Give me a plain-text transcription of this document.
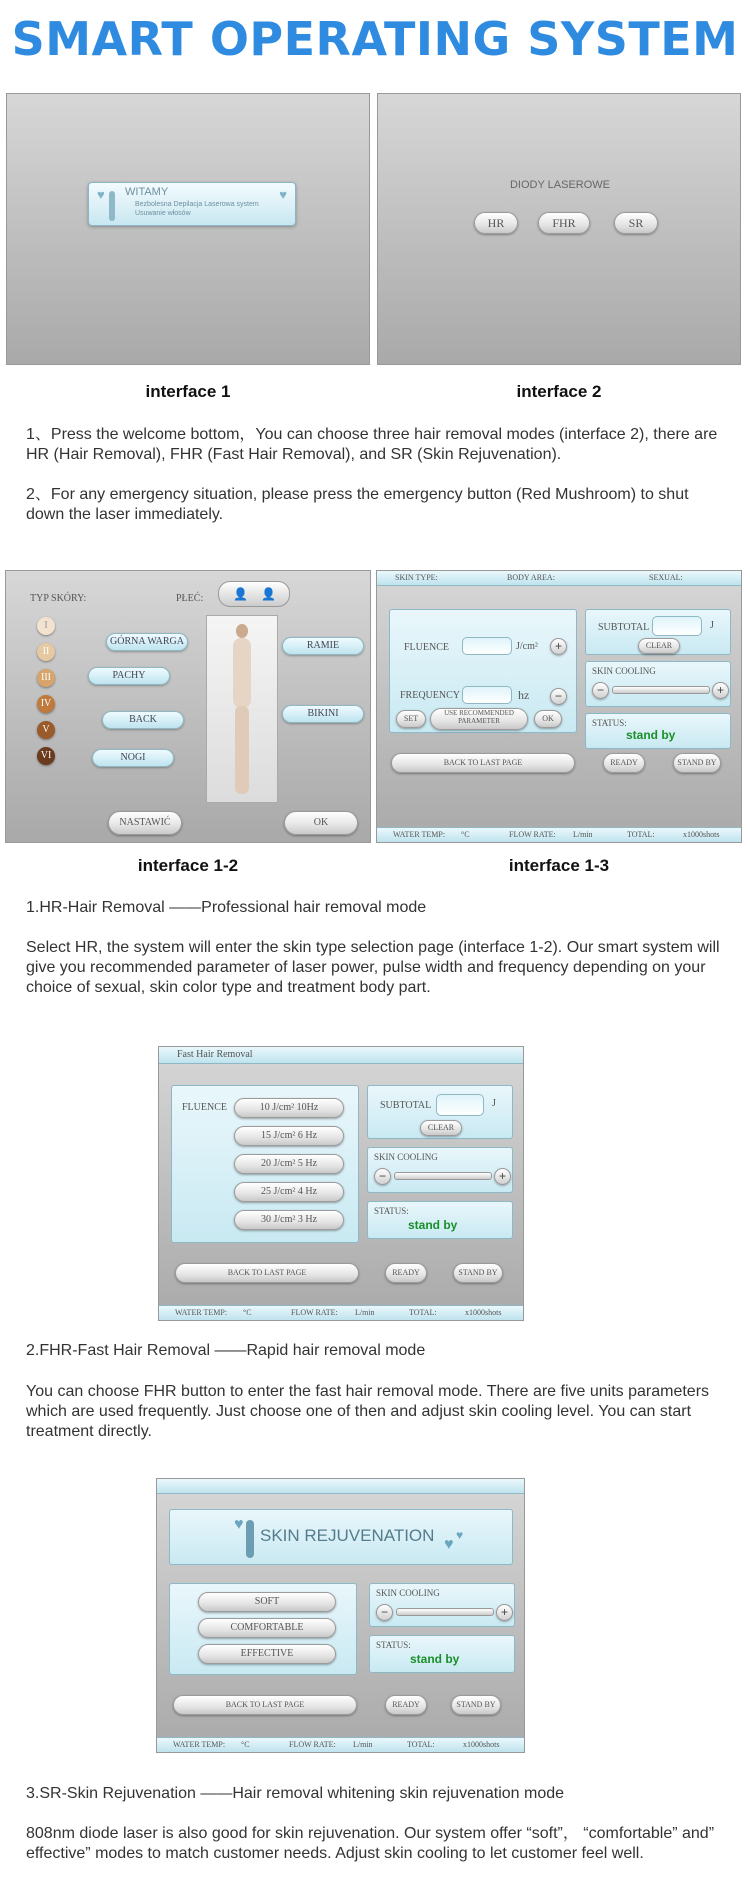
SMART OPERATING SYSTEM
♥	♥
WITAMY
Bezbolesna Depilacja Laserowa system
Usuwanie włosów
interface 1
DIODY LASEROWE
HR	FHR	SR
interface 2
1、Press the welcome bottom，You can choose three hair removal modes (interface 2), there are HR (Hair Removal), FHR (Fast Hair Removal), and SR (Skin Rejuvenation).
2、For any emergency situation, please press the emergency button (Red Mushroom) to shut down the laser immediately.
TYP SKÓRY:	PŁEĆ: 👤 👤
I
II
III
IV
V
VI
GÓRNA WARGA
PACHY
BACK
NOGI
RAMIE
BIKINI
NASTAWIĆ	OK
interface 1-2
SKIN TYPE:	BODY AREA:	SEXUAL:
FLUENCE	J/cm²	+
FREQUENCY	hz	−
SET
USE RECOMMENDED PARAMETER	OK
SUBTOTAL	J
CLEAR
SKIN COOLING
−	+
STATUS:
stand by
BACK TO LAST PAGE	READY	STAND BY
WATER TEMP: °C	FLOW RATE: L/min	TOTAL:	x1000shots
interface 1-3
1.HR-Hair Removal ——Professional hair removal mode
Select HR, the system will enter the skin type selection page (interface 1-2). Our smart system will give you recommended parameter of laser power, pulse width and frequency depending on your choice of sexual, skin color type and treatment body part.
Fast Hair Removal
FLUENCE	10 J/cm² 10Hz
15 J/cm² 6 Hz
20 J/cm² 5 Hz
25 J/cm² 4 Hz
30 J/cm² 3 Hz
SUBTOTAL	J
CLEAR
SKIN COOLING
−	+
STATUS:
stand by
BACK TO LAST PAGE	READY	STAND BY
WATER TEMP: °C	FLOW RATE: L/min	TOTAL:	x1000shots
2.FHR-Fast Hair Removal ——Rapid hair removal mode
You can choose FHR button to enter the fast hair removal mode. There are five units parameters which are used frequently. Just choose one of then and adjust skin cooling level. You can start treatment directly.
♥
SKIN REJUVENATION ♥
♥
SOFT
COMFORTABLE
EFFECTIVE
SKIN COOLING
−	+
STATUS:
stand by
BACK TO LAST PAGE	READY	STAND BY
WATER TEMP: °C	FLOW RATE: L/min	TOTAL:	x1000shots
3.SR-Skin Rejuvenation ——Hair removal whitening skin rejuvenation mode
808nm diode laser is also good for skin rejuvenation. Our system offer “soft”， “comfortable” and” effective” modes to match customer needs. Adjust skin cooling to let customer feel well.
